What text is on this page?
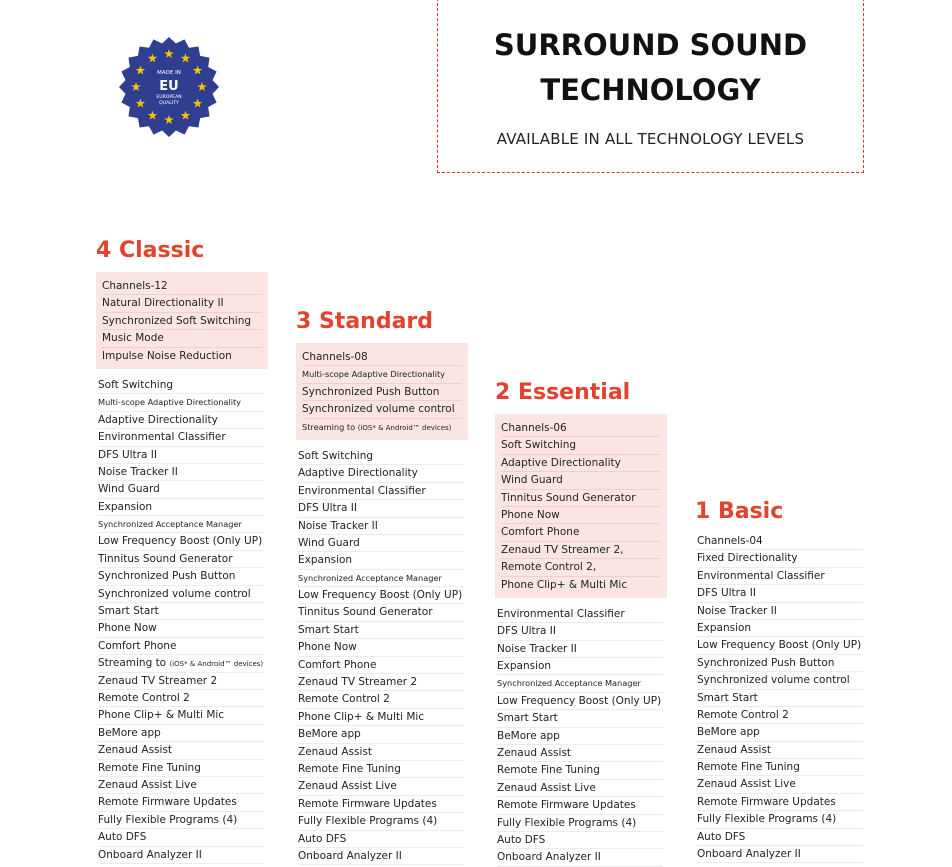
MADE IN
EU
EUROPEAN
QUALITY
SURROUND SOUND TECHNOLOGY
AVAILABLE IN ALL TECHNOLOGY LEVELS
4 Classic
Channels-12
Natural Directionality II
Synchronized Soft Switching
Music Mode
Impulse Noise Reduction
Soft Switching
Multi-scope Adaptive Directionality
Adaptive Directionality
Environmental Classifier
DFS Ultra II
Noise Tracker II
Wind Guard
Expansion
Synchronized Acceptance Manager
Low Frequency Boost (Only UP)
Tinnitus Sound Generator
Synchronized Push Button
Synchronized volume control
Smart Start
Phone Now
Comfort Phone
Streaming to (iOS* & Android™ devices)
Zenaud TV Streamer 2
Remote Control 2
Phone Clip+ & Multi Mic
BeMore app
Zenaud Assist
Remote Fine Tuning
Zenaud Assist Live
Remote Firmware Updates
Fully Flexible Programs (4)
Auto DFS
Onboard Analyzer II
3 Standard
Channels-08
Multi-scope Adaptive Directionality
Synchronized Push Button
Synchronized volume control
Streaming to (iOS* & Android™ devices)
Soft Switching
Adaptive Directionality
Environmental Classifier
DFS Ultra II
Noise Tracker II
Wind Guard
Expansion
Synchronized Acceptance Manager
Low Frequency Boost (Only UP)
Tinnitus Sound Generator
Smart Start
Phone Now
Comfort Phone
Zenaud TV Streamer 2
Remote Control 2
Phone Clip+ & Multi Mic
BeMore app
Zenaud Assist
Remote Fine Tuning
Zenaud Assist Live
Remote Firmware Updates
Fully Flexible Programs (4)
Auto DFS
Onboard Analyzer II
2 Essential
Channels-06
Soft Switching
Adaptive Directionality
Wind Guard
Tinnitus Sound Generator
Phone Now
Comfort Phone
Zenaud TV Streamer 2,
Remote Control 2,
Phone Clip+ & Multi Mic
Environmental Classifier
DFS Ultra II
Noise Tracker II
Expansion
Synchronized Acceptance Manager
Low Frequency Boost (Only UP)
Smart Start
BeMore app
Zenaud Assist
Remote Fine Tuning
Zenaud Assist Live
Remote Firmware Updates
Fully Flexible Programs (4)
Auto DFS
Onboard Analyzer II
1 Basic
Channels-04
Fixed Directionality
Environmental Classifier
DFS Ultra II
Noise Tracker II
Expansion
Low Frequency Boost (Only UP)
Synchronized Push Button
Synchronized volume control
Smart Start
Remote Control 2
BeMore app
Zenaud Assist
Remote Fine Tuning
Zenaud Assist Live
Remote Firmware Updates
Fully Flexible Programs (4)
Auto DFS
Onboard Analyzer II
